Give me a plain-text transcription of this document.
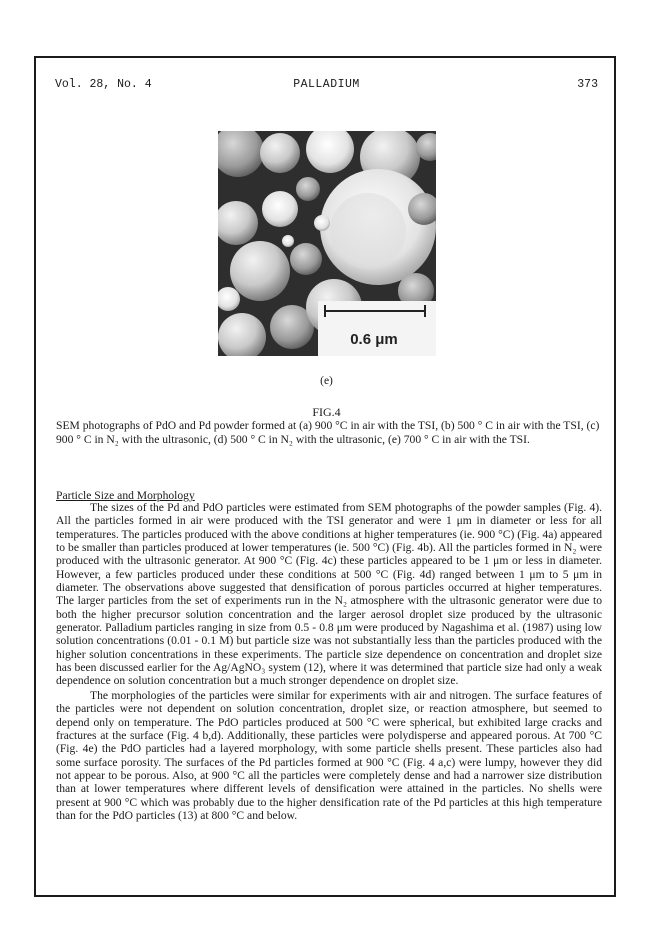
Vol. 28, No. 4	PALLADIUM	373
0.6 μm
(e)
FIG.4
SEM photographs of PdO and Pd powder formed at (a) 900 °C in air with the TSI, (b) 500 ° C in air with the TSI, (c) 900 ° C in N₂ with the ultrasonic, (d) 500 ° C in N₂ with the ultrasonic, (e) 700 ° C in air with the TSI.
Particle Size and Morphology
The sizes of the Pd and PdO particles were estimated from SEM photographs of the powder samples (Fig. 4). All the particles formed in air were produced with the TSI generator and were 1 μm in diameter or less for all temperatures. The particles produced with the above conditions at higher temperatures (ie. 900 °C) (Fig. 4a) appeared to be smaller than particles produced at lower temperatures (ie. 500 °C) (Fig. 4b). All the particles formed in N₂ were produced with the ultrasonic generator. At 900 °C (Fig. 4c) these particles appeared to be 1 μm or less in diameter. However, a few particles produced under these conditions at 500 °C (Fig. 4d) ranged between 1 μm to 5 μm in diameter. The observations above suggested that densification of porous particles occurred at higher temperatures. The larger particles from the set of experiments run in the N₂ atmosphere with the ultrasonic generator were due to both the higher precursor solution concentration and the larger aerosol droplet size produced by the ultrasonic generator. Palladium particles ranging in size from 0.5 - 0.8 μm were produced by Nagashima et al. (1987) using low solution concentrations (0.01 - 0.1 M) but particle size was not substantially less than the particles produced with the higher solution concentrations in these experiments. The particle size dependence on concentration and droplet size has been discussed earlier for the Ag/AgNO₃ system (12), where it was determined that particle size had only a weak dependence on solution concentration but a much stronger dependence on droplet size.
The morphologies of the particles were similar for experiments with air and nitrogen. The surface features of the particles were not dependent on solution concentration, droplet size, or reaction atmosphere, but seemed to depend only on temperature. The PdO particles produced at 500 °C were spherical, but exhibited large cracks and fractures at the surface (Fig. 4 b,d). Additionally, these particles were polydisperse and appeared porous. At 700 °C (Fig. 4e) the PdO particles had a layered morphology, with some particle shells present. These particles also had some surface porosity. The surfaces of the Pd particles formed at 900 °C (Fig. 4 a,c) were lumpy, however they did not appear to be porous. Also, at 900 °C all the particles were completely dense and had a narrower size distribution than at lower temperatures where different levels of densification were attained in the particles. No shells were present at 900 °C which was probably due to the higher densification rate of the Pd particles at this high temperature than for the PdO particles (13) at 800 °C and below.
